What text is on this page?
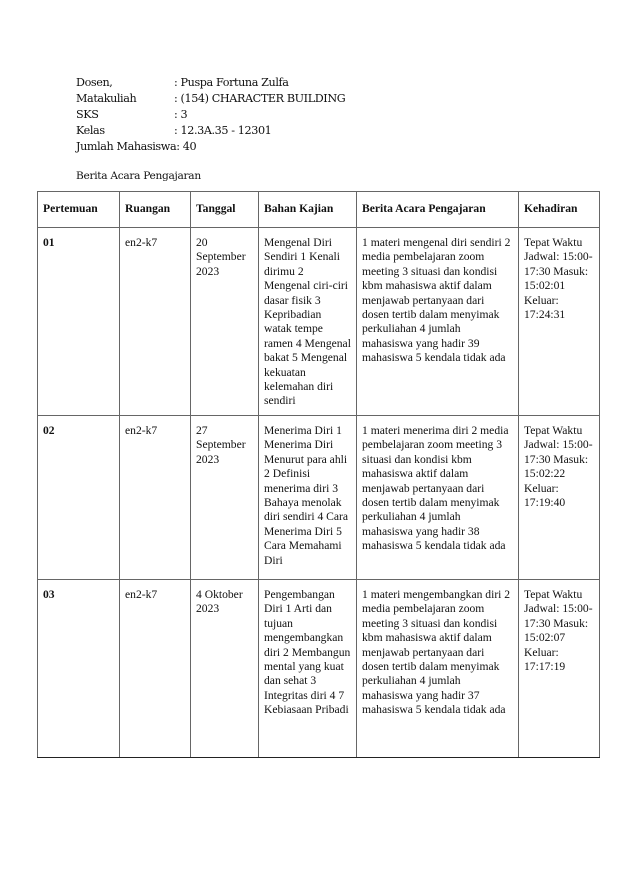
Dosen,	: Puspa Fortuna Zulfa
Matakuliah	: (154) CHARACTER BUILDING
SKS	: 3
Kelas	: 12.3A.35 - 12301
Jumlah Mahasiswa : 40
Berita Acara Pengajaran
Pertemuan	Ruangan	Tanggal	Bahan Kajian	Berita Acara Pengajaran	Kehadiran
01	en2-k7	20 September 2023	Mengenal Diri Sendiri 1 Kenali dirimu 2 Mengenal ciri-ciri dasar fisik 3 Kepribadian watak tempe ramen 4 Mengenal bakat 5 Mengenal kekuatan kelemahan diri sendiri	1 materi mengenal diri sendiri 2 media pembelajaran zoom meeting 3 situasi dan kondisi kbm mahasiswa aktif dalam menjawab pertanyaan dari dosen tertib dalam menyimak perkuliahan 4 jumlah mahasiswa yang hadir 39 mahasiswa 5 kendala tidak ada	Tepat Waktu Jadwal: 15:00-17:30 Masuk: 15:02:01 Keluar: 17:24:31
02	en2-k7	27 September 2023	Menerima Diri 1 Menerima Diri Menurut para ahli 2 Definisi menerima diri 3 Bahaya menolak diri sendiri 4 Cara Menerima Diri 5 Cara Memahami Diri	1 materi menerima diri 2 media pembelajaran zoom meeting 3 situasi dan kondisi kbm mahasiswa aktif dalam menjawab pertanyaan dari dosen tertib dalam menyimak perkuliahan 4 jumlah mahasiswa yang hadir 38 mahasiswa 5 kendala tidak ada	Tepat Waktu Jadwal: 15:00-17:30 Masuk: 15:02:22 Keluar: 17:19:40
03	en2-k7	4 Oktober 2023	Pengembangan Diri 1 Arti dan tujuan mengembangkan diri 2 Membangun mental yang kuat dan sehat 3 Integritas diri 4 7 Kebiasaan Pribadi	1 materi mengembangkan diri 2 media pembelajaran zoom meeting 3 situasi dan kondisi kbm mahasiswa aktif dalam menjawab pertanyaan dari dosen tertib dalam menyimak perkuliahan 4 jumlah mahasiswa yang hadir 37 mahasiswa 5 kendala tidak ada	Tepat Waktu Jadwal: 15:00-17:30 Masuk: 15:02:07 Keluar: 17:17:19
